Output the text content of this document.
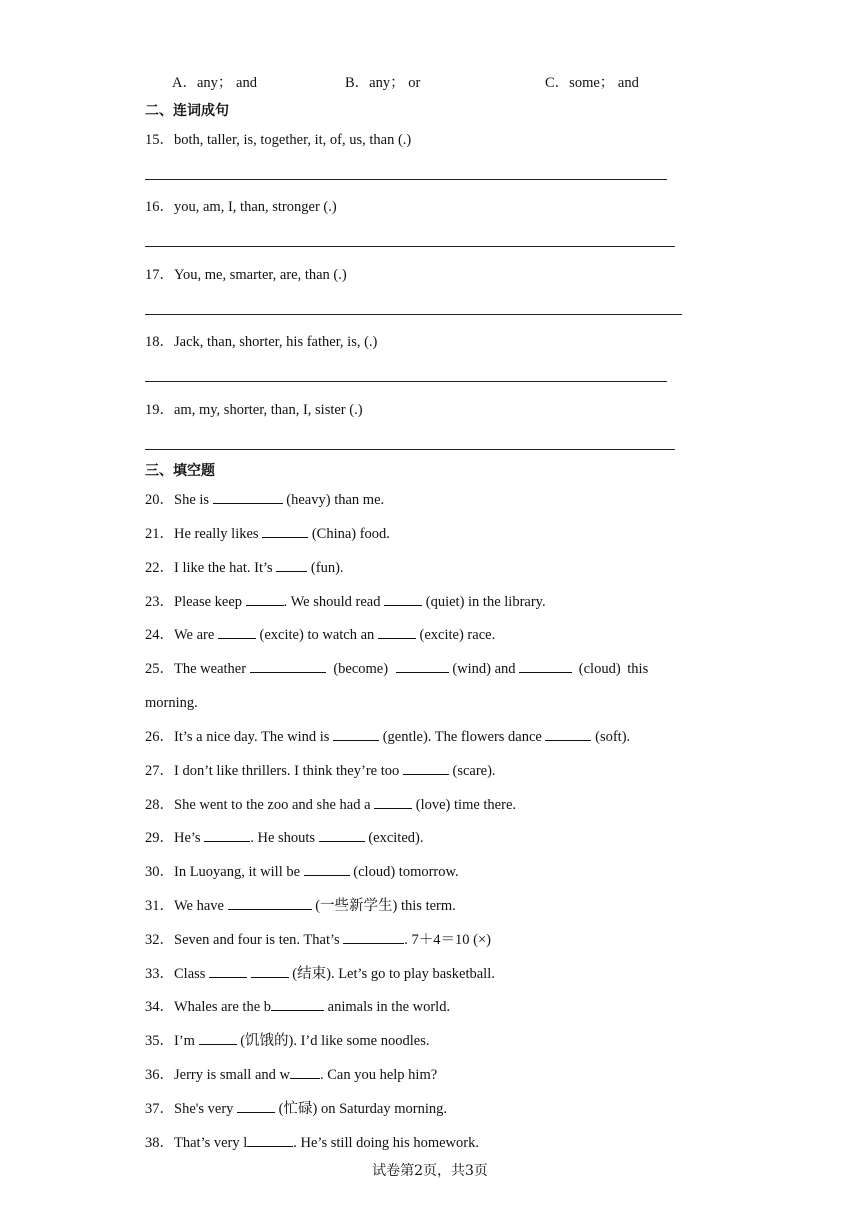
A．any； and	B．any； or	C．some； and
二、连词成句
15．both, taller, is, together, it, of, us, than (.)
16．you, am, I, than, stronger (.)
17．You, me, smarter, are, than (.)
18．Jack, than, shorter, his father, is, (.)
19．am, my, shorter, than, I, sister (.)
三、填空题
20．She is	(heavy) than me.
21．He really likes	(China) food.
22．I like the hat. It’s  (fun).
23．Please keep	. We should read	(quiet) in the library.
24．We are	(excite) to watch an	(excite) race.
25．The weather	(become)	(wind) and	(cloud) this
morning.
26．It’s a nice day. The wind is	(gentle). The flowers dance	(soft).
27．I don’t like thrillers. I think they’re too	(scare).
28．She went to the zoo and she had a	(love) time there.
29．He’s	. He shouts	(excited).
30．In Luoyang, it will be	(cloud) tomorrow.
31．We have	(一些新学生) this term.
32．Seven and four is ten. That’s	. 7＋4＝10 (×)
33．Class	(结束). Let’s go to play basketball.
34．Whales are the b	animals in the world.
35．I’m	(饥饿的). I’d like some noodles.
36．Jerry is small and w . Can you help him?
37．She's very	(忙碌) on Saturday morning.
38．That’s very l	. He’s still doing his homework.
试卷第2页，共3页
